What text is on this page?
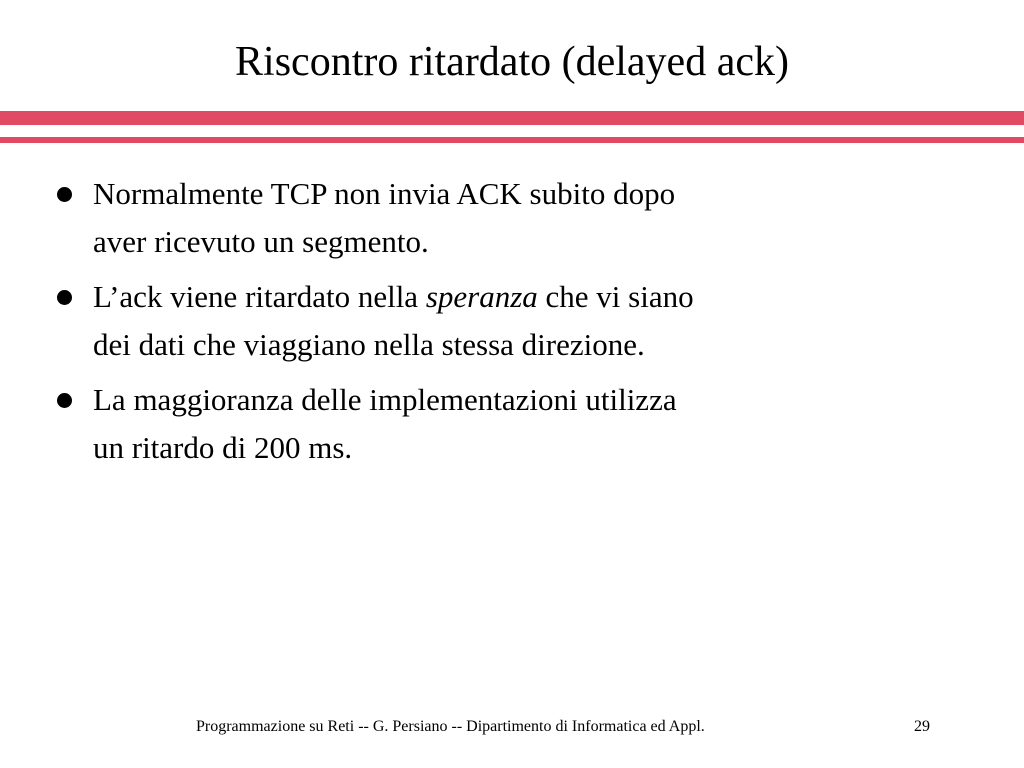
Riscontro ritardato (delayed ack)
Normalmente TCP non invia ACK subito dopo
aver ricevuto un segmento.
L’ack viene ritardato nella speranza che vi siano
dei dati che viaggiano nella stessa direzione.
La maggioranza delle implementazioni utilizza
un ritardo di 200 ms.
Programmazione su Reti -- G. Persiano -- Dipartimento di Informatica ed Appl.	29
